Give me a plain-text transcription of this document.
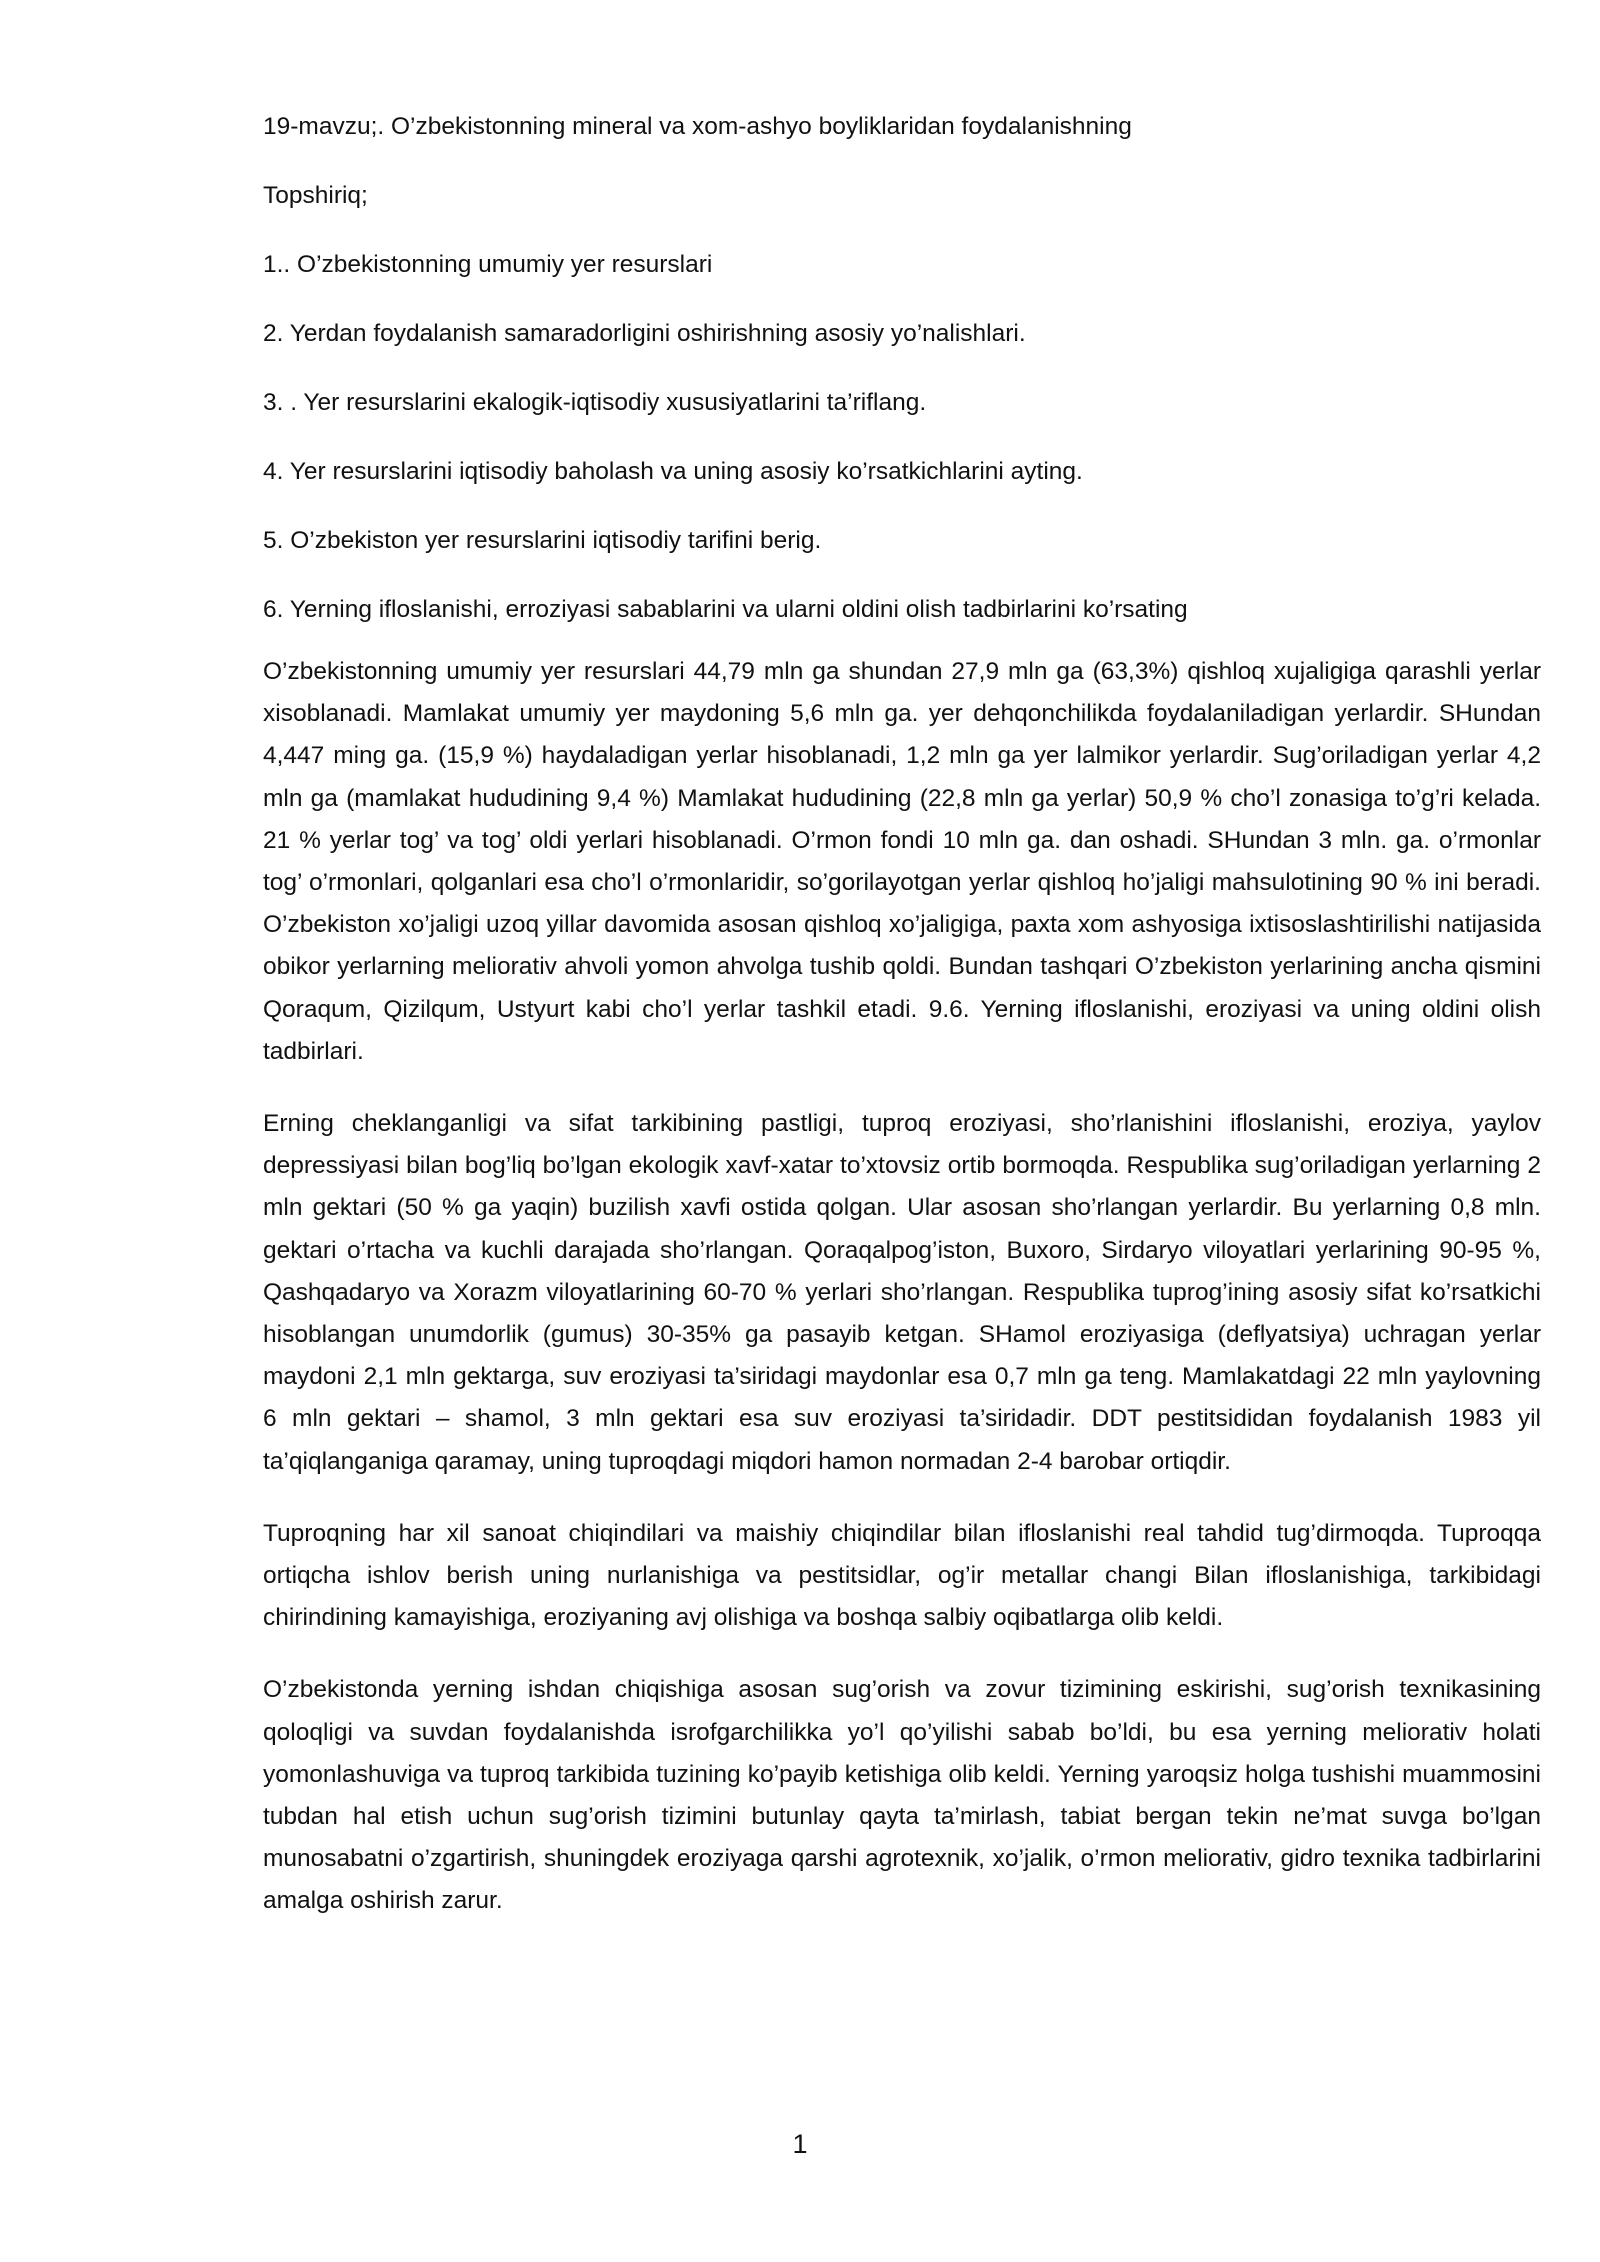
19-mavzu;. O’zbekistonning mineral va xom-ashyo boyliklaridan foydalanishning
Topshiriq;
1.. O’zbekistonning umumiy yer resurslari
2. Yerdan foydalanish samaradorligini oshirishning asosiy yo’nalishlari.
3. . Yer resurslarini ekalogik-iqtisodiy xususiyatlarini ta’riflang.
4. Yer resurslarini iqtisodiy baholash va uning asosiy ko’rsatkichlarini ayting.
5. O’zbekiston yer resurslarini iqtisodiy tarifini berig.
6. Yerning ifloslanishi, erroziyasi sabablarini va ularni oldini olish tadbirlarini ko’rsating

O’zbekistonning umumiy yer resurslari 44,79 mln ga shundan 27,9 mln ga (63,3%) qishloq xujaligiga qarashli yerlar xisoblanadi. Mamlakat umumiy yer maydoning 5,6 mln ga. yer dehqonchilikda foydalaniladigan yerlardir. SHundan 4,447 ming ga. (15,9 %) haydaladigan yerlar hisoblanadi, 1,2 mln ga yer lalmikor yerlardir. Sug’oriladigan yerlar 4,2 mln ga (mamlakat hududining 9,4 %) Mamlakat hududining (22,8 mln ga yerlar) 50,9 % cho’l zonasiga to’g’ri kelada. 21 % yerlar tog’ va tog’ oldi yerlari hisoblanadi. O’rmon fondi 10 mln ga. dan oshadi. SHundan 3 mln. ga. o’rmonlar tog’ o’rmonlari, qolganlari esa cho’l o’rmonlaridir, so’gorilayotgan yerlar qishloq ho’jaligi mahsulotining 90 % ini beradi. O’zbekiston xo’jaligi uzoq yillar davomida asosan qishloq xo’jaligiga, paxta xom ashyosiga ixtisoslashtirilishi natijasida obikor yerlarning meliorativ ahvoli yomon ahvolga tushib qoldi. Bundan tashqari O’zbekiston yerlarining ancha qismini Qoraqum, Qizilqum, Ustyurt kabi cho’l yerlar tashkil etadi. 9.6. Yerning ifloslanishi, eroziyasi va uning oldini olish tadbirlari.

Erning cheklanganligi va sifat tarkibining pastligi, tuproq eroziyasi, sho’rlanishini ifloslanishi, eroziya, yaylov depressiyasi bilan bog’liq bo’lgan ekologik xavf-xatar to’xtovsiz ortib bormoqda. Respublika sug’oriladigan yerlarning 2 mln gektari (50 % ga yaqin) buzilish xavfi ostida qolgan. Ular asosan sho’rlangan yerlardir. Bu yerlarning 0,8 mln. gektari o’rtacha va kuchli darajada sho’rlangan. Qoraqalpog’iston, Buxoro, Sirdaryo viloyatlari yerlarining 90-95 %, Qashqadaryo va Xorazm viloyatlarining 60-70 % yerlari sho’rlangan. Respublika tuprog’ining asosiy sifat ko’rsatkichi hisoblangan unumdorlik (gumus) 30-35% ga pasayib ketgan. SHamol eroziyasiga (deflyatsiya) uchragan yerlar maydoni 2,1 mln gektarga, suv eroziyasi ta’siridagi maydonlar esa 0,7 mln ga teng. Mamlakatdagi 22 mln yaylovning 6 mln gektari – shamol, 3 mln gektari esa suv eroziyasi ta’siridadir. DDT pestitsididan foydalanish 1983 yil ta’qiqlanganiga qaramay, uning tuproqdagi miqdori hamon normadan 2-4 barobar ortiqdir.

Tuproqning har xil sanoat chiqindilari va maishiy chiqindilar bilan ifloslanishi real tahdid tug’dirmoqda. Tuproqqa ortiqcha ishlov berish uning nurlanishiga va pestitsidlar, og’ir metallar changi Bilan ifloslanishiga, tarkibidagi chirindining kamayishiga, eroziyaning avj olishiga va boshqa salbiy oqibatlarga olib keldi.

O’zbekistonda yerning ishdan chiqishiga asosan sug’orish va zovur tizimining eskirishi, sug’orish texnikasining qoloqligi va suvdan foydalanishda isrofgarchilikka yo’l qo’yilishi sabab bo’ldi, bu esa yerning meliorativ holati yomonlashuviga va tuproq tarkibida tuzining ko’payib ketishiga olib keldi. Yerning yaroqsiz holga tushishi muammosini tubdan hal etish uchun sug’orish tizimini butunlay qayta ta’mirlash, tabiat bergan tekin ne’mat suvga bo’lgan munosabatni o’zgartirish, shuningdek eroziyaga qarshi agrotexnik, xo’jalik, o’rmon meliorativ, gidro texnika tadbirlarini amalga oshirish zarur.

1
